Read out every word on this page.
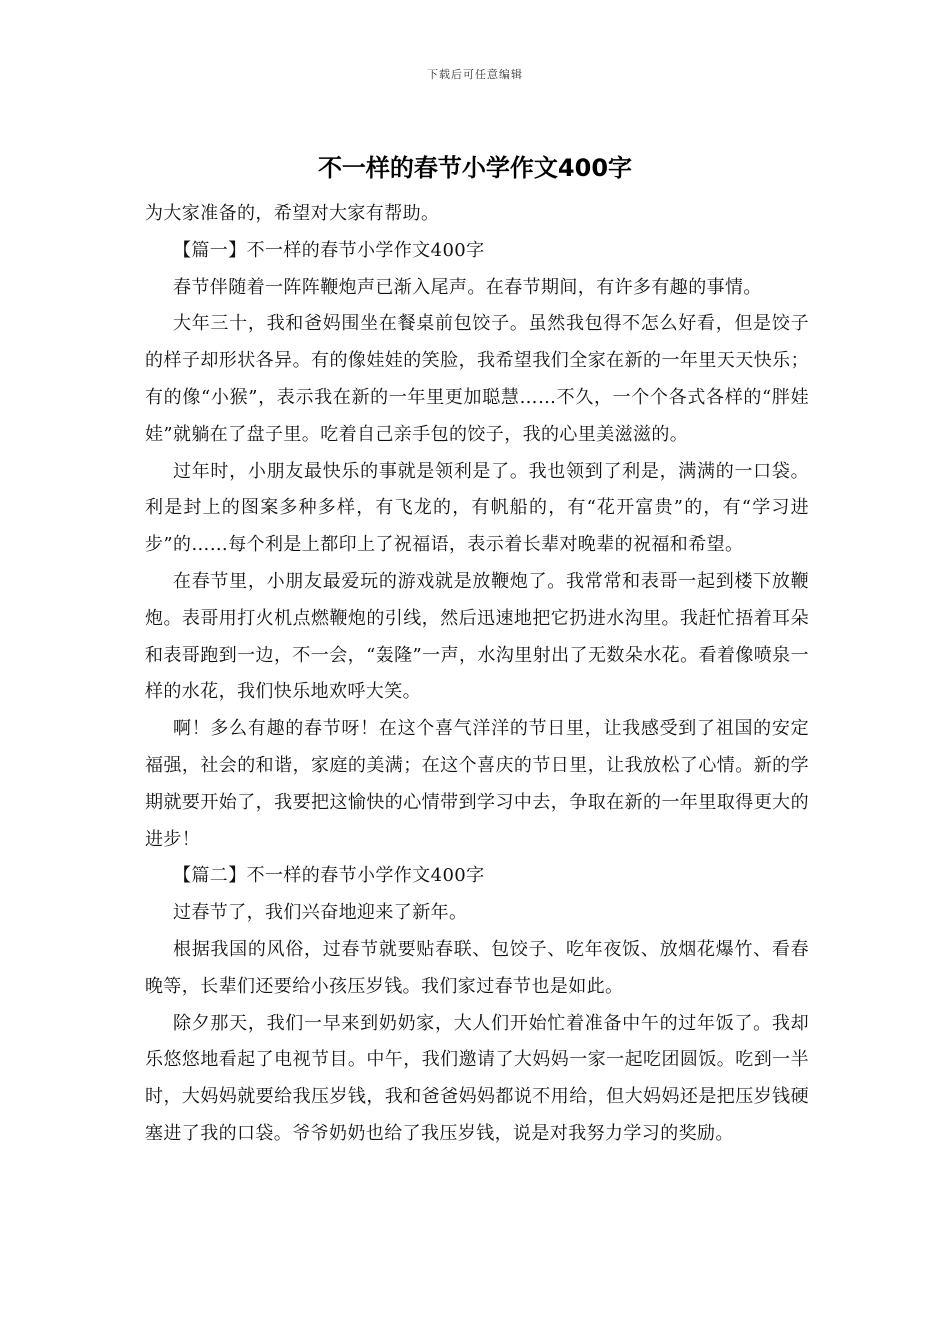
下载后可任意编辑
不一样的春节小学作文400字

为大家准备的，希望对大家有帮助。

【篇一】不一样的春节小学作文400字

春节伴随着一阵阵鞭炮声已渐入尾声。在春节期间，有许多有趣的事情。

大年三十，我和爸妈围坐在餐桌前包饺子。虽然我包得不怎么好看，但是饺子的样子却形状各异。有的像娃娃的笑脸，我希望我们全家在新的一年里天天快乐；有的像“小猴”，表示我在新的一年里更加聪慧……不久，一个个各式各样的“胖娃娃”就躺在了盘子里。吃着自己亲手包的饺子，我的心里美滋滋的。

过年时，小朋友最快乐的事就是领利是了。我也领到了利是，满满的一口袋。利是封上的图案多种多样，有飞龙的，有帆船的，有“花开富贵”的，有“学习进步”的……每个利是上都印上了祝福语，表示着长辈对晚辈的祝福和希望。

在春节里，小朋友最爱玩的游戏就是放鞭炮了。我常常和表哥一起到楼下放鞭炮。表哥用打火机点燃鞭炮的引线，然后迅速地把它扔进水沟里。我赶忙捂着耳朵和表哥跑到一边，不一会，“轰隆”一声，水沟里射出了无数朵水花。看着像喷泉一样的水花，我们快乐地欢呼大笑。

啊！多么有趣的春节呀！在这个喜气洋洋的节日里，让我感受到了祖国的安定福强，社会的和谐，家庭的美满；在这个喜庆的节日里，让我放松了心情。新的学期就要开始了，我要把这愉快的心情带到学习中去，争取在新的一年里取得更大的进步！

【篇二】不一样的春节小学作文400字

过春节了，我们兴奋地迎来了新年。

根据我国的风俗，过春节就要贴春联、包饺子、吃年夜饭、放烟花爆竹、看春晚等，长辈们还要给小孩压岁钱。我们家过春节也是如此。

除夕那天，我们一早来到奶奶家，大人们开始忙着准备中午的过年饭了。我却乐悠悠地看起了电视节目。中午，我们邀请了大妈妈一家一起吃团圆饭。吃到一半时，大妈妈就要给我压岁钱，我和爸爸妈妈都说不用给，但大妈妈还是把压岁钱硬塞进了我的口袋。爷爷奶奶也给了我压岁钱，说是对我努力学习的奖励。
